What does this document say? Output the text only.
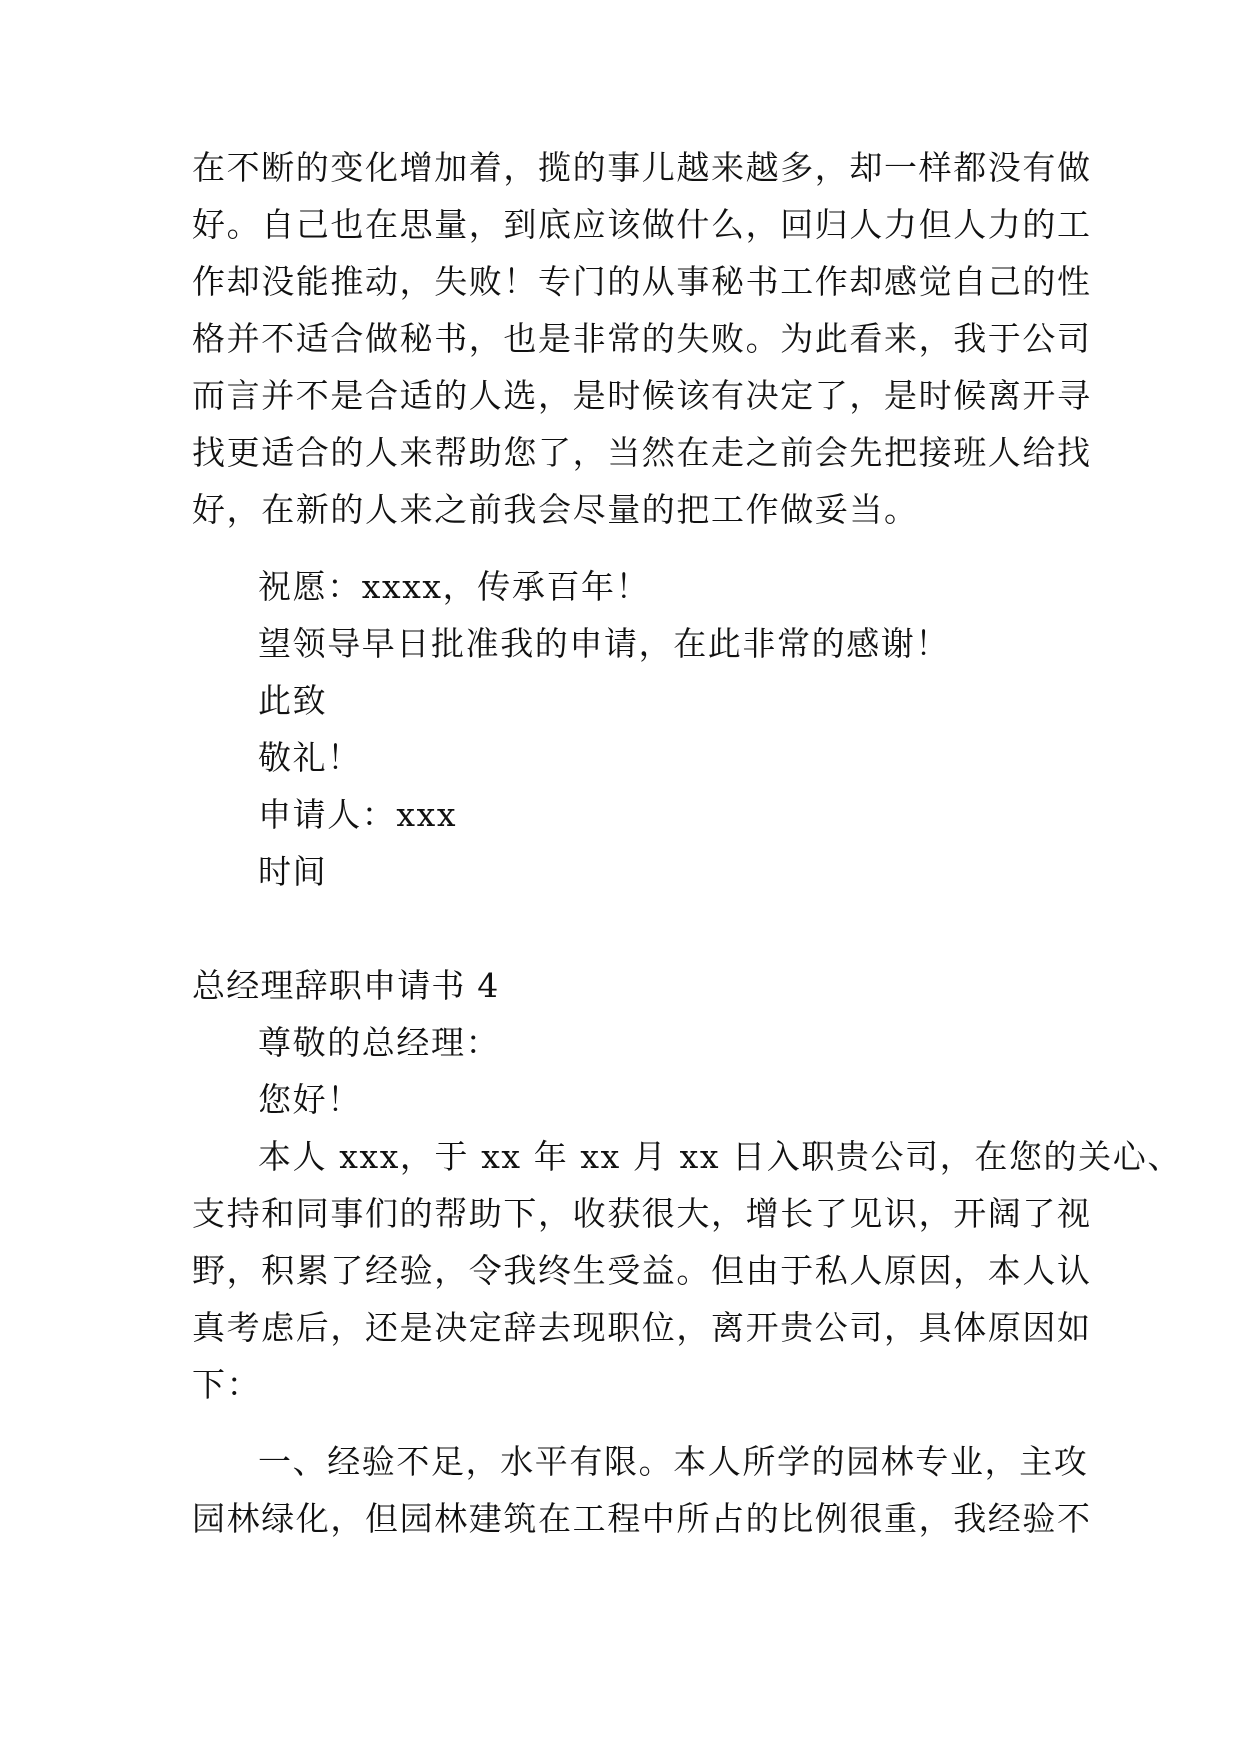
在不断的变化增加着，揽的事儿越来越多，却一样都没有做
好。自己也在思量，到底应该做什么，回归人力但人力的工
作却没能推动，失败！专门的从事秘书工作却感觉自己的性
格并不适合做秘书，也是非常的失败。为此看来，我于公司
而言并不是合适的人选，是时候该有决定了，是时候离开寻
找更适合的人来帮助您了，当然在走之前会先把接班人给找
好，在新的人来之前我会尽量的把工作做妥当。
祝愿：xxxx，传承百年！
望领导早日批准我的申请，在此非常的感谢！
此致
敬礼！
申请人：xxx
时间
总经理辞职申请书 4
尊敬的总经理：
您好！
本人 xxx，于 xx 年 xx 月 xx 日入职贵公司，在您的关心、
支持和同事们的帮助下，收获很大，增长了见识，开阔了视
野，积累了经验，令我终生受益。但由于私人原因，本人认
真考虑后，还是决定辞去现职位，离开贵公司，具体原因如
下：
一、经验不足，水平有限。本人所学的园林专业，主攻
园林绿化，但园林建筑在工程中所占的比例很重，我经验不
